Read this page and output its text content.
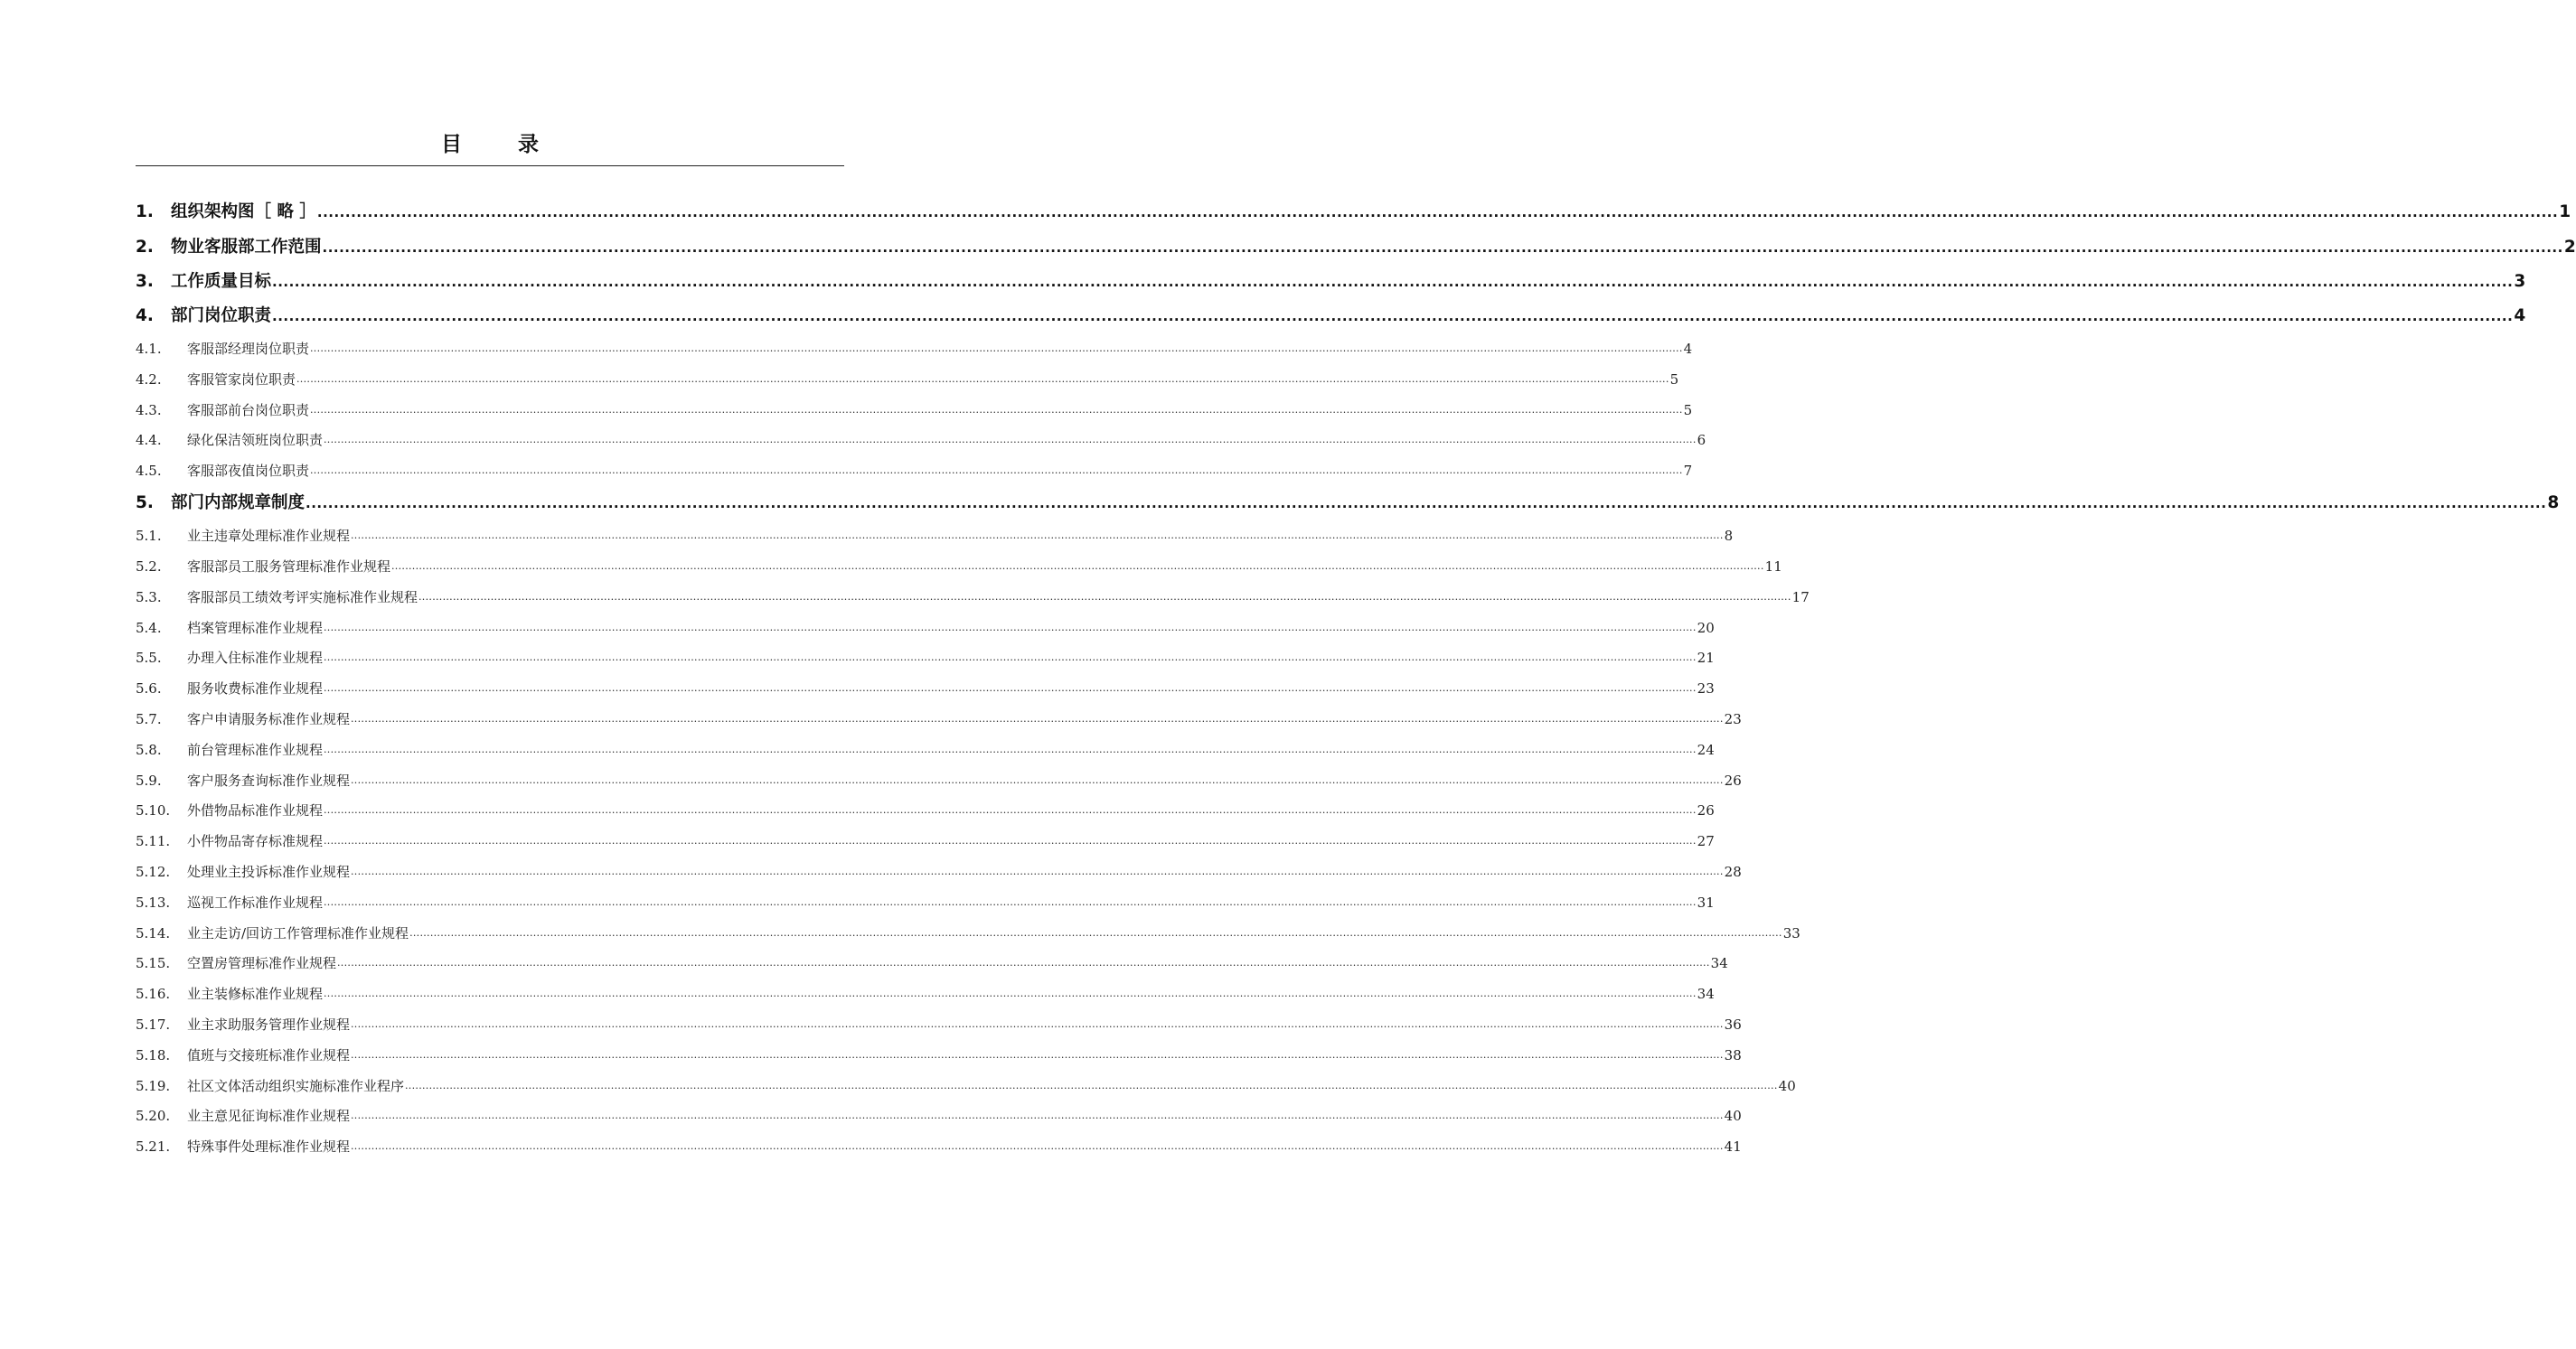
目录
1.	组织架构图［ 略 ］ ................................................................................................................................................................................................................................................................................................................................................................................................................ 1
2.	物业客服部工作范围 ................................................................................................................................................................................................................................................................................................................................................................................................................ 2
3.	工作质量目标 ................................................................................................................................................................................................................................................................................................................................................................................................................ 3
4.	部门岗位职责 ................................................................................................................................................................................................................................................................................................................................................................................................................ 4
4.1.	客服部经理岗位职责 ................................................................................................................................................................................................................................................................................................................................................................................................................ 4
4.2.	客服管家岗位职责 ................................................................................................................................................................................................................................................................................................................................................................................................................ 5
4.3.	客服部前台岗位职责 ................................................................................................................................................................................................................................................................................................................................................................................................................ 5
4.4.	绿化保洁领班岗位职责 ................................................................................................................................................................................................................................................................................................................................................................................................................ 6
4.5.	客服部夜值岗位职责 ................................................................................................................................................................................................................................................................................................................................................................................................................ 7
5.	部门内部规章制度 ................................................................................................................................................................................................................................................................................................................................................................................................................ 8
5.1.	业主违章处理标准作业规程 ................................................................................................................................................................................................................................................................................................................................................................................................................ 8
5.2.	客服部员工服务管理标准作业规程 ................................................................................................................................................................................................................................................................................................................................................................................................................ 11
5.3.	客服部员工绩效考评实施标准作业规程 ................................................................................................................................................................................................................................................................................................................................................................................................................ 17
5.4.	档案管理标准作业规程 ................................................................................................................................................................................................................................................................................................................................................................................................................ 20
5.5.	办理入住标准作业规程 ................................................................................................................................................................................................................................................................................................................................................................................................................ 21
5.6.	服务收费标准作业规程 ................................................................................................................................................................................................................................................................................................................................................................................................................ 23
5.7.	客户申请服务标准作业规程 ................................................................................................................................................................................................................................................................................................................................................................................................................ 23
5.8.	前台管理标准作业规程 ................................................................................................................................................................................................................................................................................................................................................................................................................ 24
5.9.	客户服务查询标准作业规程 ................................................................................................................................................................................................................................................................................................................................................................................................................ 26
5.10.	外借物品标准作业规程 ................................................................................................................................................................................................................................................................................................................................................................................................................ 26
5.11.	小件物品寄存标准规程 ................................................................................................................................................................................................................................................................................................................................................................................................................ 27
5.12.	处理业主投诉标准作业规程 ................................................................................................................................................................................................................................................................................................................................................................................................................ 28
5.13.	巡视工作标准作业规程 ................................................................................................................................................................................................................................................................................................................................................................................................................ 31
5.14.	业主走访/回访工作管理标准作业规程 ................................................................................................................................................................................................................................................................................................................................................................................................................ 33
5.15.	空置房管理标准作业规程 ................................................................................................................................................................................................................................................................................................................................................................................................................ 34
5.16.	业主装修标准作业规程 ................................................................................................................................................................................................................................................................................................................................................................................................................ 34
5.17.	业主求助服务管理作业规程 ................................................................................................................................................................................................................................................................................................................................................................................................................ 36
5.18.	值班与交接班标准作业规程 ................................................................................................................................................................................................................................................................................................................................................................................................................ 38
5.19.	社区文体活动组织实施标准作业程序 ................................................................................................................................................................................................................................................................................................................................................................................................................ 40
5.20.	业主意见征询标准作业规程 ................................................................................................................................................................................................................................................................................................................................................................................................................ 40
5.21.	特殊事件处理标准作业规程 ................................................................................................................................................................................................................................................................................................................................................................................................................ 41
